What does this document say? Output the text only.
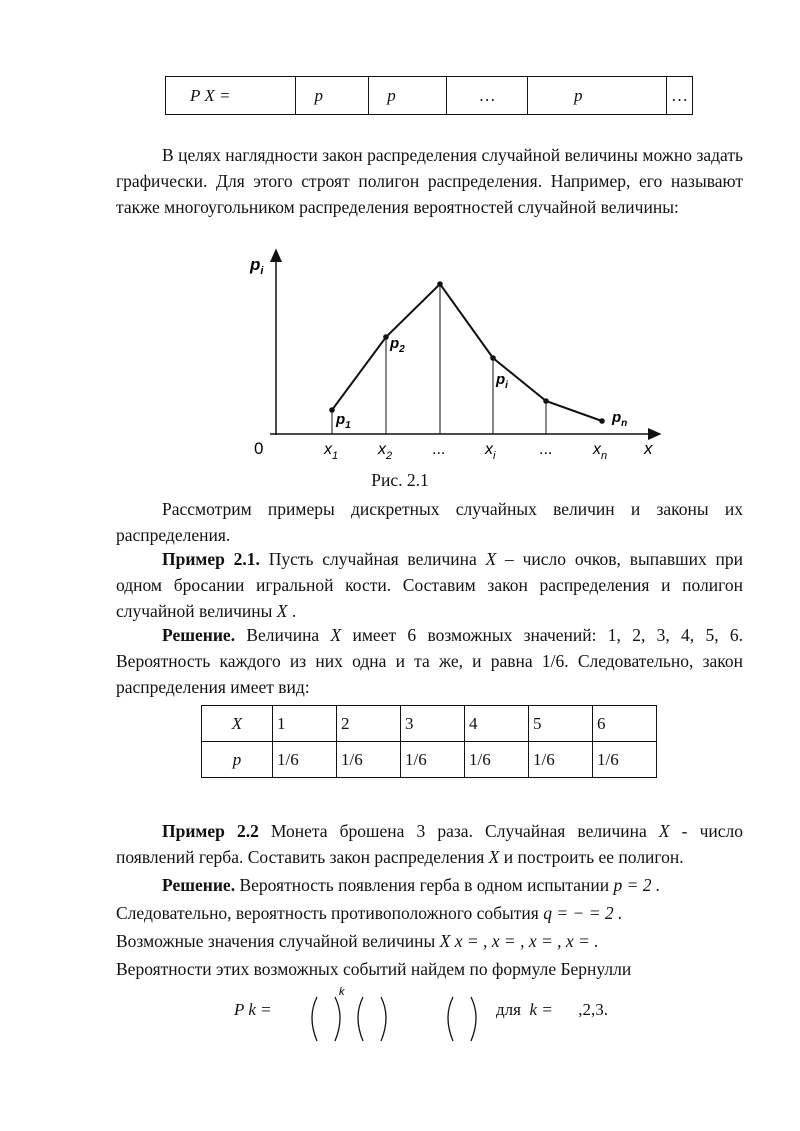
P X =	p	p	…	p	…
В целях наглядности закон распределения случайной величины можно задать графически. Для этого строят полигон распределения. Например, его называют также многоугольником распределения вероятностей случайной величины:
$p_i$
0	x
$x_1$ $x_2$ ... $x_i$	...	$x_n$
$p_1$
$p_2$
$p_i$
$p_n$
Рис. 2.1
Рассмотрим примеры дискретных случайных величин и законы их распределения.
Пример 2.1. Пусть случайная величина X – число очков, выпавших при одном бросании игральной кости. Составим закон распределения и полигон случайной величины X .
Решение. Величина X имеет 6 возможных значений: 1, 2, 3, 4, 5, 6. Вероятность каждого из них одна и та же, и равна 1/6. Следовательно, закон распределения имеет вид:
X	1	2	3	4	5	6
p	1/6	1/6	1/6	1/6	1/6	1/6
Пример 2.2 Монета брошена 3 раза. Случайная величина X - число появлений герба. Составить закон распределения X и построить ее полигон.
Решение. Вероятность появления герба в одном испытании p = 2 .
Следовательно, вероятность противоположного события q = − = 2 .
Возможные значения случайной величины X x = , x = , x = , x = .
Вероятности этих возможных событий найдем по формуле Бернулли
P k =
k
для k = ,2,3.
